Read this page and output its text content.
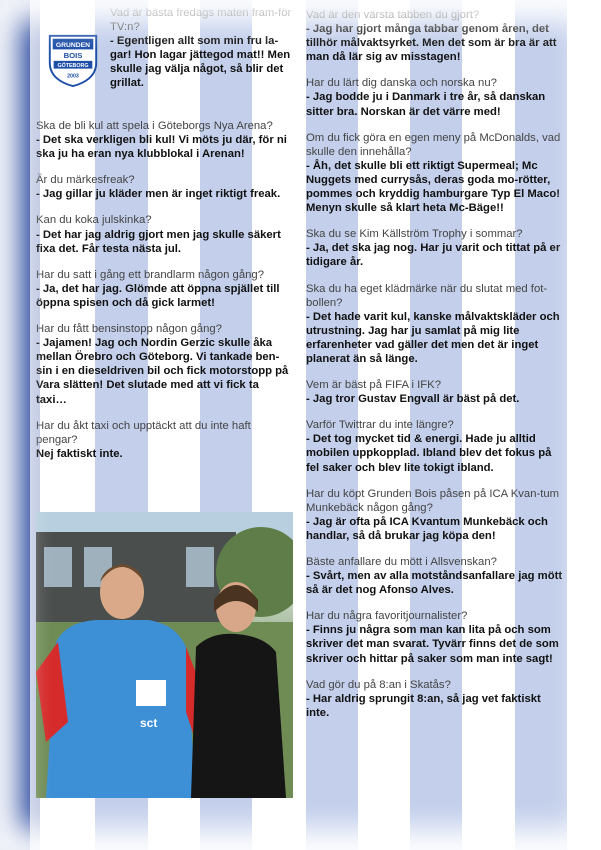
GRUNDEN
BOIS
GÖTEBORG
2003
Vad är bästa fredags maten fram-för TV:n?
- Egentligen allt som min fru la-gar! Hon lagar jättegod mat!! Men skulle jag välja något, så blir det grillat.
Ska de bli kul att spela i Göteborgs Nya Arena?
- Det ska verkligen bli kul! Vi möts ju där, för ni ska ju ha eran nya klubblokal i Arenan!
Är du märkesfreak?
- Jag gillar ju kläder men är inget riktigt freak.
Kan du koka julskinka?
- Det har jag aldrig gjort men jag skulle säkert fixa det. Får testa nästa jul.
Har du satt i gång ett brandlarm någon gång?
- Ja, det har jag. Glömde att öppna spjället till öppna spisen och då gick larmet!
Har du fått bensinstopp någon gång?
- Jajamen! Jag och Nordin Gerzic skulle åka mellan Örebro och Göteborg. Vi tankade ben-sin i en dieseldriven bil och fick motorstopp på Vara slätten! Det slutade med att vi fick ta taxi…
Har du åkt taxi och upptäckt att du inte haft pengar?
Nej faktiskt inte.
sct
Vad är den värsta tabben du gjort?
- Jag har gjort många tabbar genom åren, det tillhör målvaktsyrket. Men det som är bra är att man då lär sig av misstagen!
Har du lärt dig danska och norska nu?
- Jag bodde ju i Danmark i tre år, så danskan sitter bra. Norskan är det värre med!
Om du fick göra en egen meny på McDonalds, vad skulle den innehålla?
- Åh, det skulle bli ett riktigt Supermeal; Mc Nuggets med currysås, deras goda mo-rötter, pommes och kryddig hamburgare Typ El Maco! Menyn skulle så klart heta Mc-Bäge!!
Ska du se Kim Källström Trophy i sommar?
- Ja, det ska jag nog. Har ju varit och tittat på er tidigare år.
Ska du ha eget klädmärke när du slutat med fot-bollen?
- Det hade varit kul, kanske målvaktskläder och utrustning. Jag har ju samlat på mig lite erfarenheter vad gäller det men det är inget planerat än så länge.
Vem är bäst på FIFA i IFK?
- Jag tror Gustav Engvall är bäst på det.
Varför Twittrar du inte längre?
- Det tog mycket tid & energi. Hade ju alltid mobilen uppkopplad. Ibland blev det fokus på fel saker och blev lite tokigt ibland.
Har du köpt Grunden Bois påsen på ICA Kvan-tum Munkebäck någon gång?
- Jag är ofta på ICA Kvantum Munkebäck och handlar, så då brukar jag köpa den!
Bäste anfallare du mött i Allsvenskan?
- Svårt, men av alla motståndsanfallare jag mött så är det nog Afonso Alves.
Har du några favoritjournalister?
- Finns ju några som man kan lita på och som skriver det man svarat. Tyvärr finns det de som skriver och hittar på saker som man inte sagt!
Vad gör du på 8:an i Skatås?
- Har aldrig sprungit 8:an, så jag vet faktiskt inte.
